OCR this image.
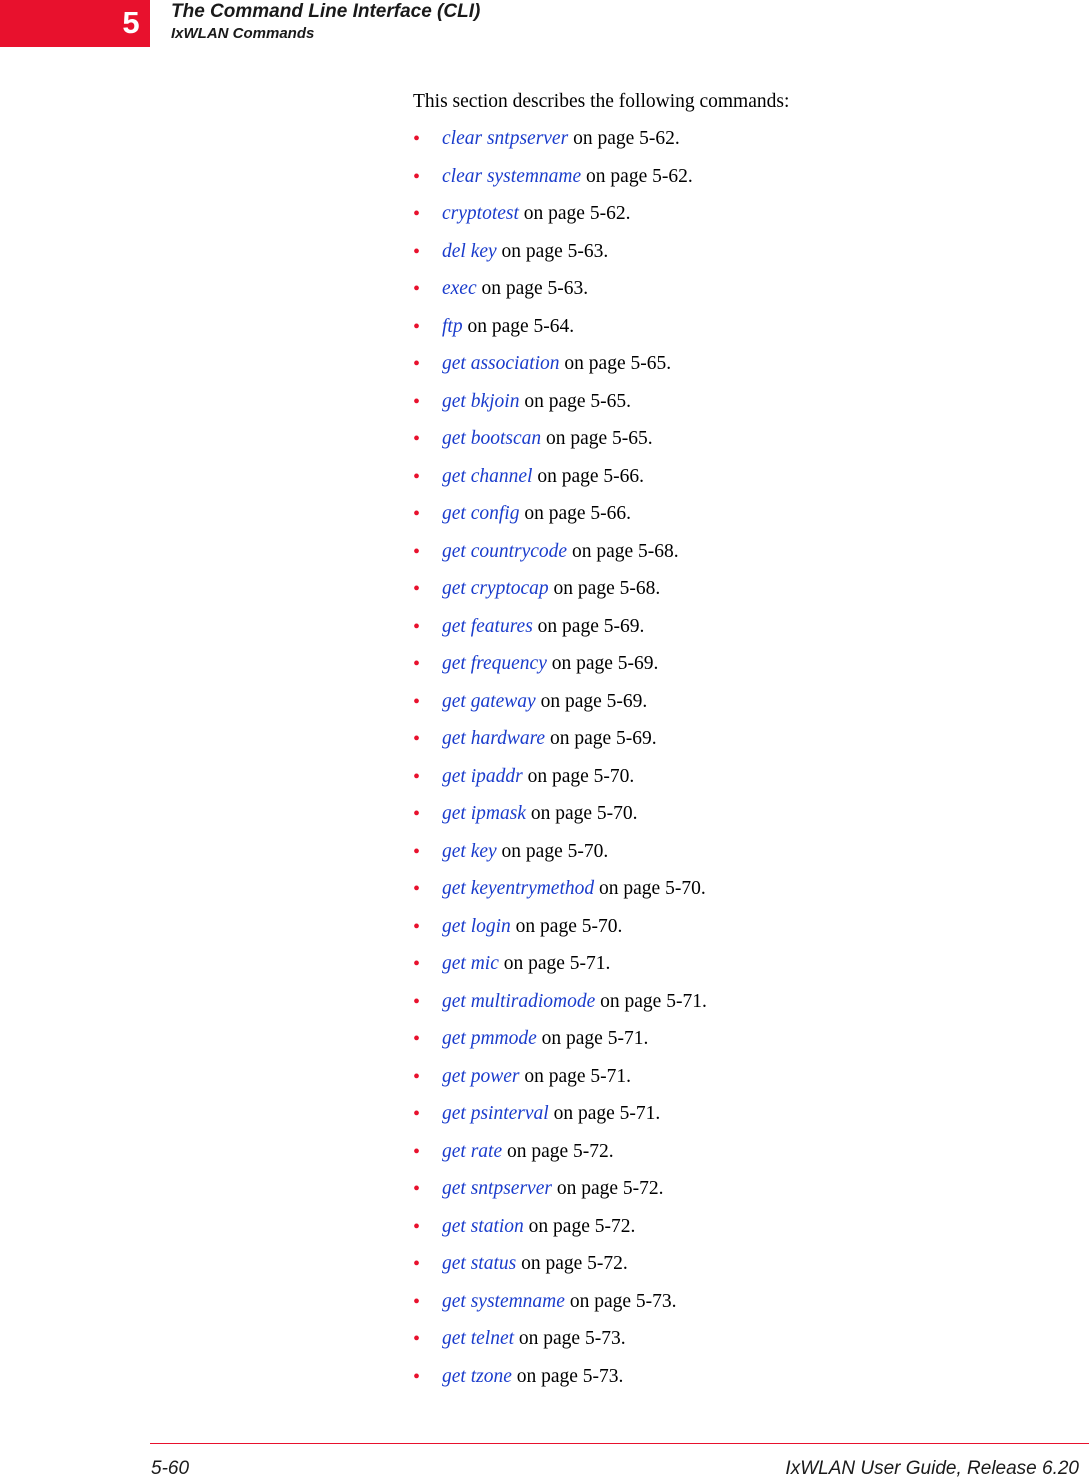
5	The Command Line Interface (CLI)
IxWLAN Commands
This section describes the following commands:
• clear sntpserver on page 5-62.
• clear systemname on page 5-62.
• cryptotest on page 5-62.
• del key on page 5-63.
• exec on page 5-63.
• ftp on page 5-64.
• get association on page 5-65.
• get bkjoin on page 5-65.
• get bootscan on page 5-65.
• get channel on page 5-66.
• get config on page 5-66.
• get countrycode on page 5-68.
• get cryptocap on page 5-68.
• get features on page 5-69.
• get frequency on page 5-69.
• get gateway on page 5-69.
• get hardware on page 5-69.
• get ipaddr on page 5-70.
• get ipmask on page 5-70.
• get key on page 5-70.
• get keyentrymethod on page 5-70.
• get login on page 5-70.
• get mic on page 5-71.
• get multiradiomode on page 5-71.
• get pmmode on page 5-71.
• get power on page 5-71.
• get psinterval on page 5-71.
• get rate on page 5-72.
• get sntpserver on page 5-72.
• get station on page 5-72.
• get status on page 5-72.
• get systemname on page 5-73.
• get telnet on page 5-73.
• get tzone on page 5-73.
5-60	IxWLAN User Guide, Release 6.20
